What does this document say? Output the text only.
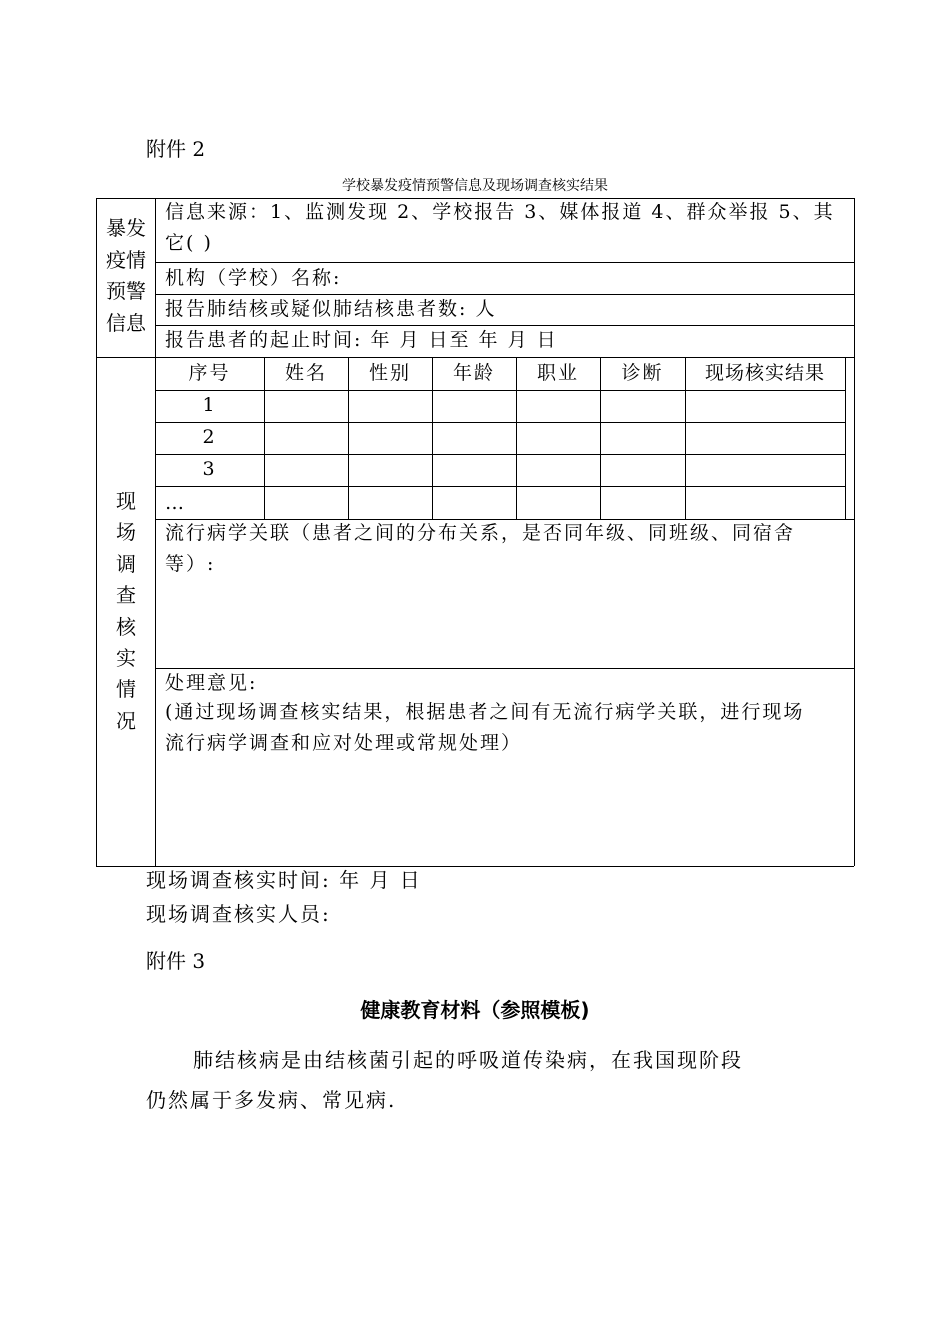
附件 2
学校暴发疫情预警信息及现场调查核实结果
暴发
疫情
预警
信息
信息来源：1、监测发现 2、学校报告 3、媒体报道 4、群众举报 5、其
它( )
机构（学校）名称:
报告肺结核或疑似肺结核患者数: 人
报告患者的起止时间: 年 月 日至 年 月 日
现
场
调
查
核
实
情
况
序号	姓名	性别	年龄	职业	诊断	现场核实结果
1
2
3
…
流行病学关联（患者之间的分布关系，是否同年级、同班级、同宿舍
等）:
处理意见:
(通过现场调查核实结果，根据患者之间有无流行病学关联，进行现场
流行病学调查和应对处理或常规处理）
现场调查核实时间: 年 月 日
现场调查核实人员:
附件 3
健康教育材料（参照模板)
肺结核病是由结核菌引起的呼吸道传染病，在我国现阶段
仍然属于多发病、常见病.
